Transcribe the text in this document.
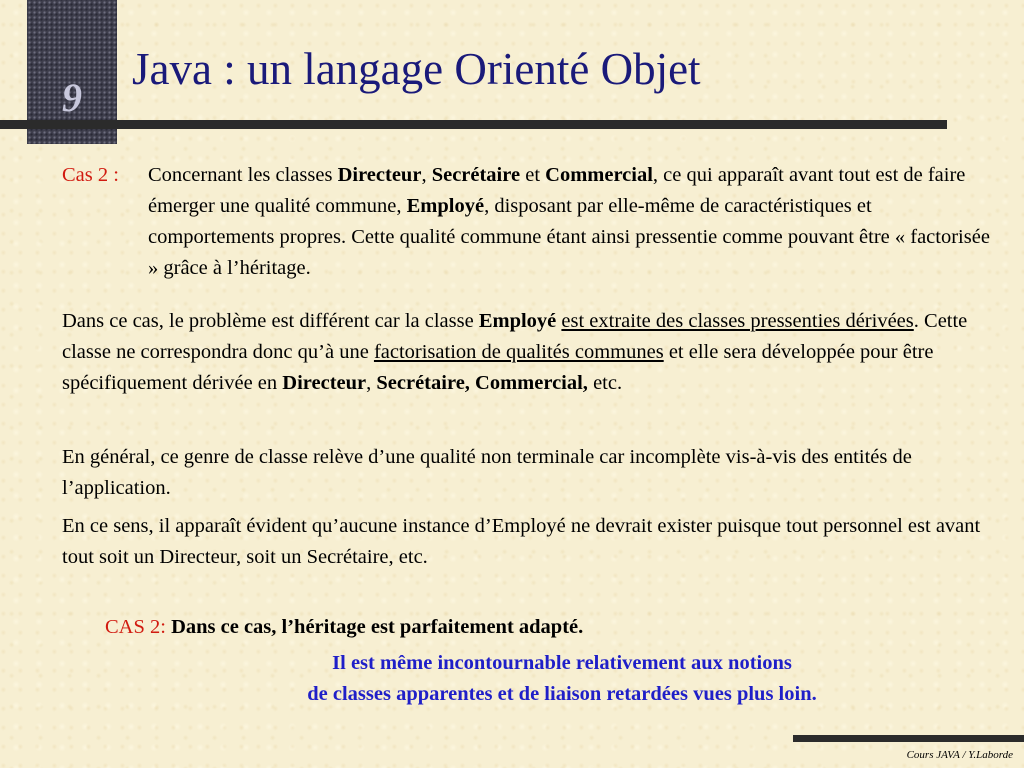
9
Java : un langage Orienté Objet
Cas 2 : Concernant les classes Directeur, Secrétaire et Commercial, ce qui apparaît avant tout est de faire émerger une qualité commune, Employé, disposant par elle-même de caractéristiques et comportements propres. Cette qualité commune étant ainsi pressentie comme pouvant être « factorisée » grâce à l’héritage.
Dans ce cas, le problème est différent car la classe Employé est extraite des classes pressenties dérivées. Cette classe ne correspondra donc qu’à une factorisation de qualités communes et elle sera développée pour être spécifiquement dérivée en Directeur, Secrétaire, Commercial, etc.
En général, ce genre de classe relève d’une qualité non terminale car incomplète vis-à-vis des entités de l’application.
En ce sens, il apparaît évident qu’aucune instance d’Employé ne devrait exister puisque tout personnel est avant tout soit un Directeur, soit un Secrétaire, etc.
CAS 2: Dans ce cas, l’héritage est parfaitement adapté.
Il est même incontournable relativement aux notions
de classes apparentes et de liaison retardées vues plus loin.
Cours JAVA / Y.Laborde
